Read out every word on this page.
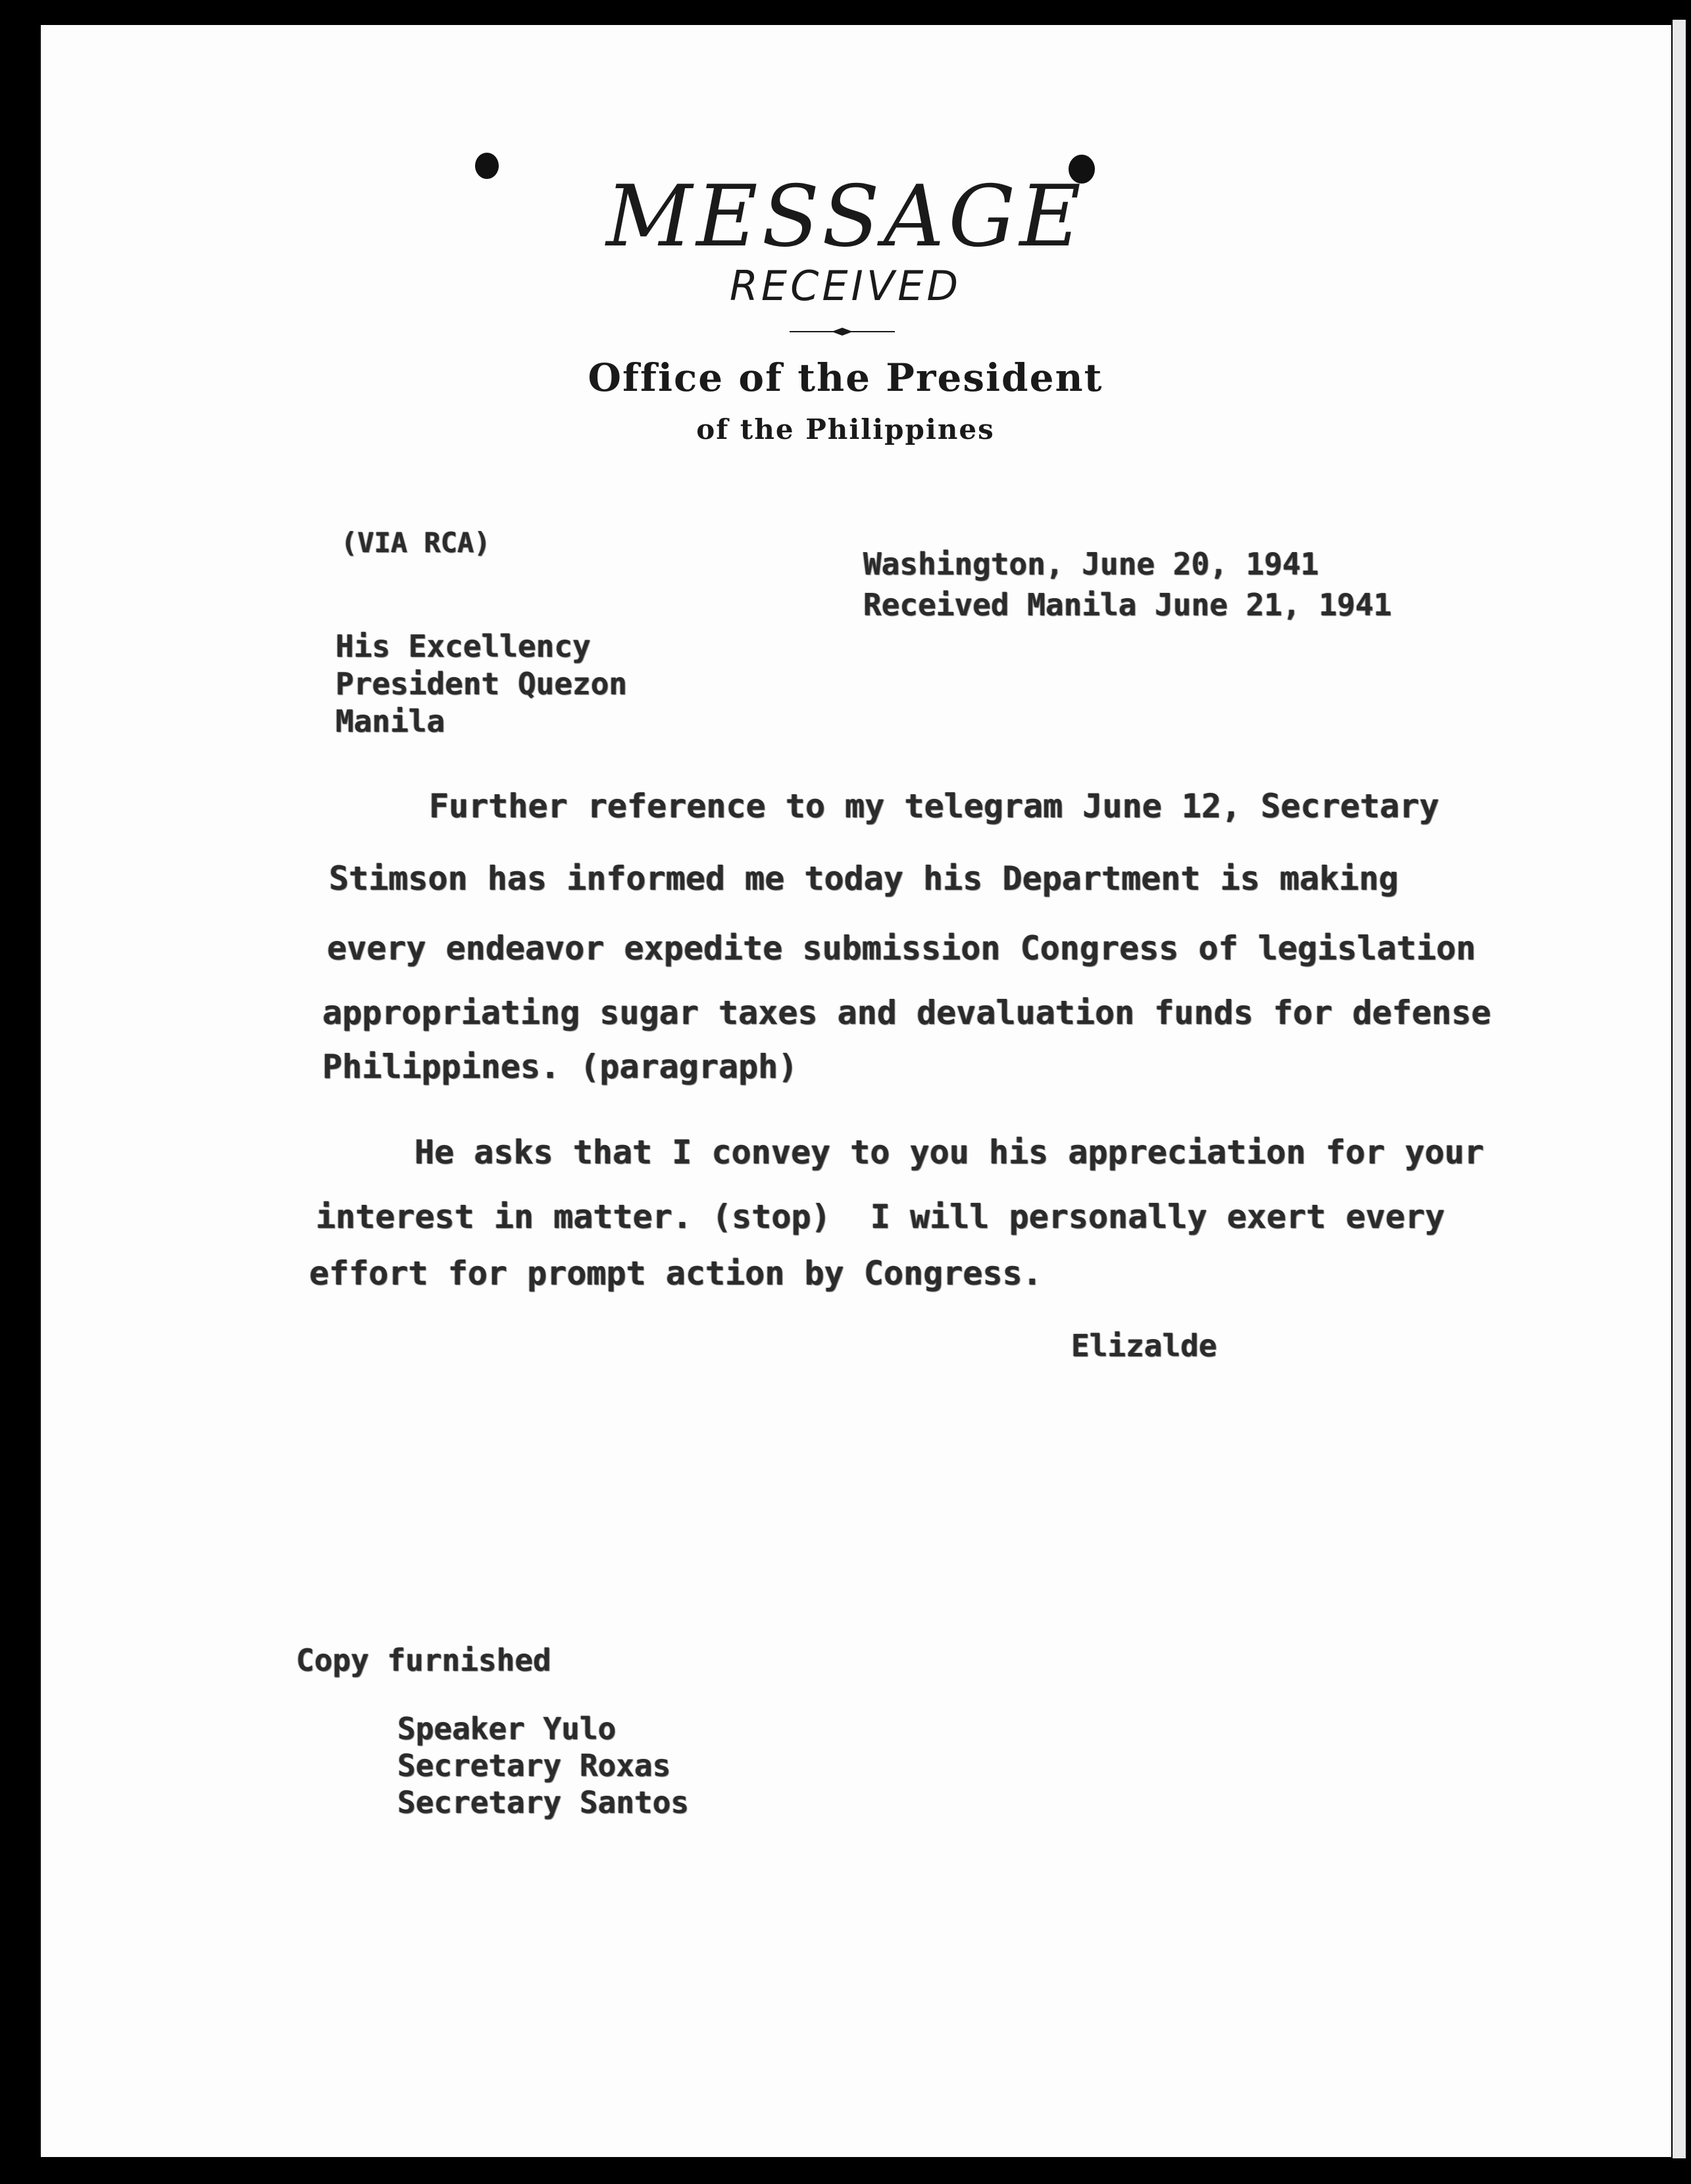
MESSAGE
RECEIVED
Office of the President
of the Philippines
(VIA RCA)
Washington, June 20, 1941
Received Manila June 21, 1941
His Excellency
President Quezon
Manila
Further reference to my telegram June 12, Secretary
Stimson has informed me today his Department is making
every endeavor expedite submission Congress of legislation
appropriating sugar taxes and devaluation funds for defense
Philippines. (paragraph)
He asks that I convey to you his appreciation for your
interest in matter. (stop)  I will personally exert every
effort for prompt action by Congress.
Elizalde
Copy furnished
Speaker Yulo
Secretary Roxas
Secretary Santos
